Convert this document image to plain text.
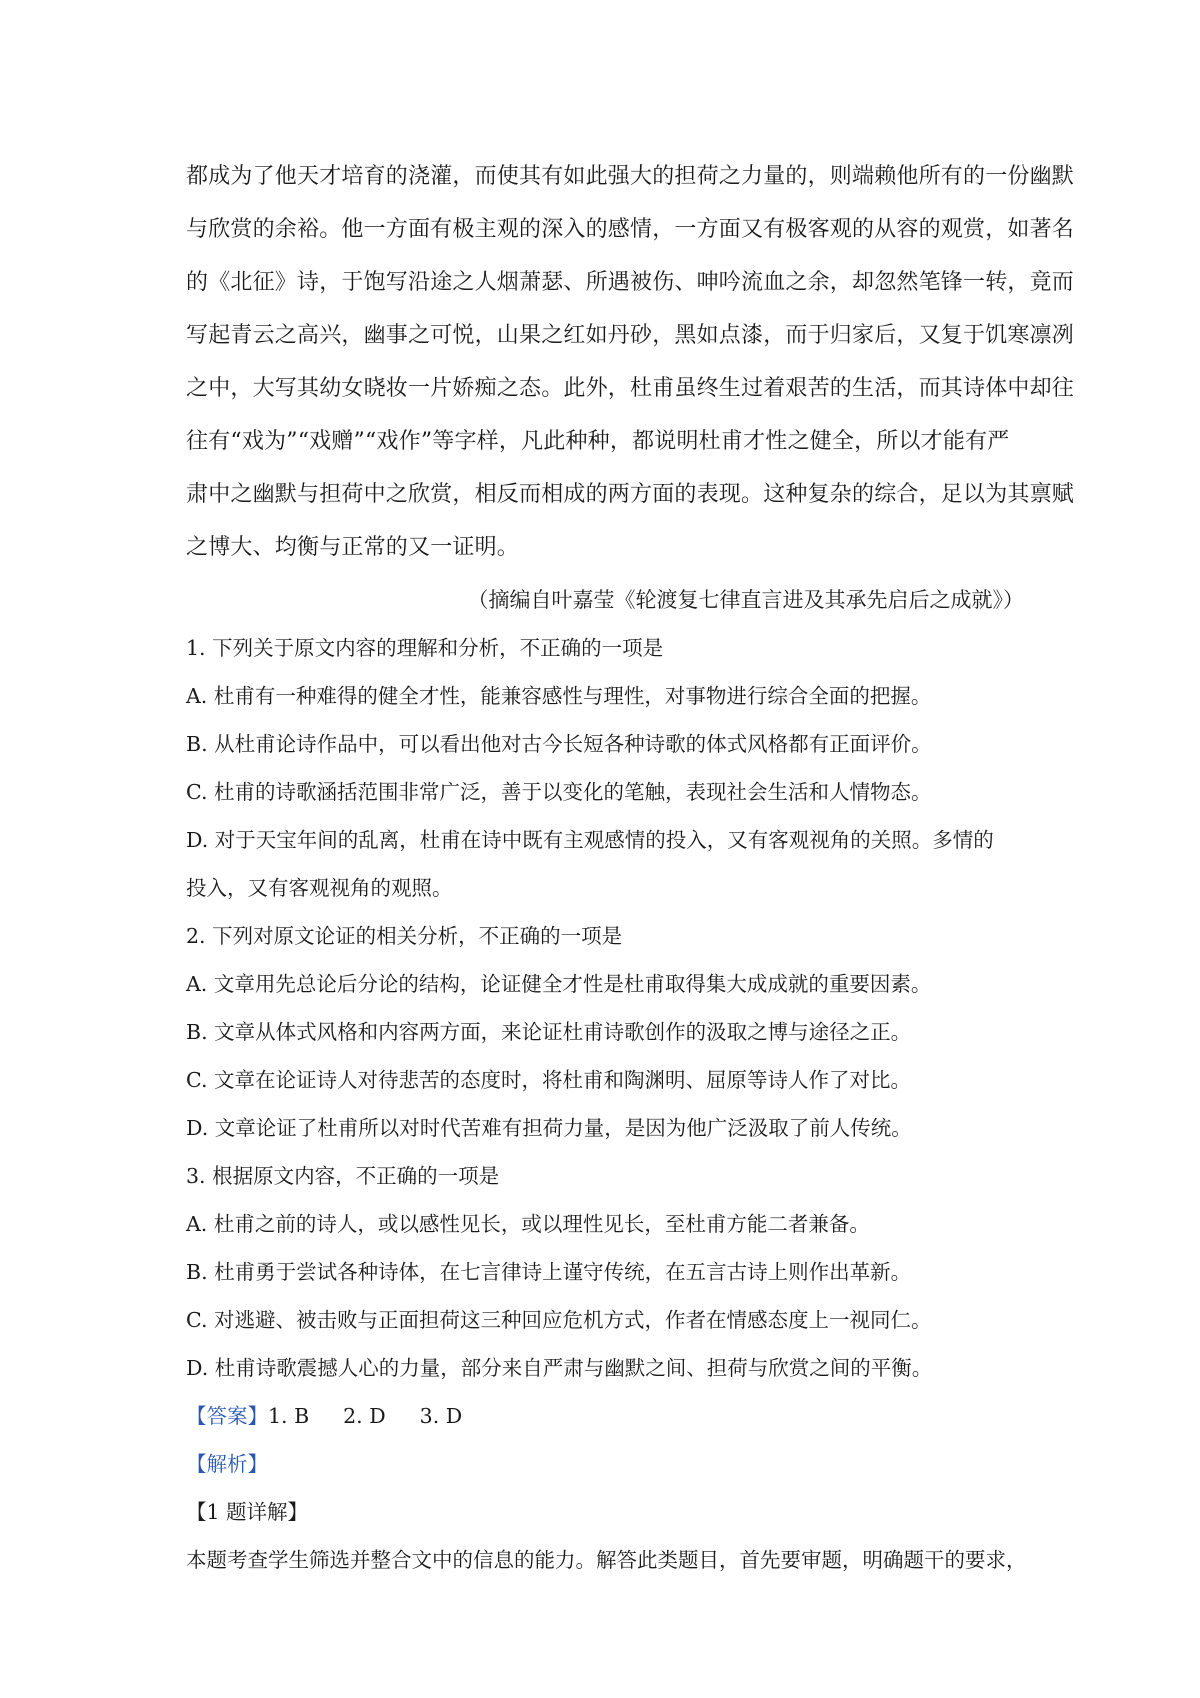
都成为了他天才培育的浇灌，而使其有如此强大的担荷之力量的，则端赖他所有的一份幽默
与欣赏的余裕。他一方面有极主观的深入的感情，一方面又有极客观的从容的观赏，如著名
的《北征》诗，于饱写沿途之人烟萧瑟、所遇被伤、呻吟流血之余，却忽然笔锋一转，竟而
写起青云之高兴，幽事之可悦，山果之红如丹砂，黑如点漆，而于归家后，又复于饥寒凛冽
之中，大写其幼女晓妆一片娇痴之态。此外，杜甫虽终生过着艰苦的生活，而其诗体中却往
往有“戏为”“戏赠”“戏作”等字样，凡此种种，都说明杜甫才性之健全，所以才能有严
肃中之幽默与担荷中之欣赏，相反而相成的两方面的表现。这种复杂的综合，足以为其禀赋
之博大、均衡与正常的又一证明。
（摘编自叶嘉莹《轮渡复七律直言进及其承先启后之成就》）
1. 下列关于原文内容的理解和分析，不正确的一项是
A. 杜甫有一种难得的健全才性，能兼容感性与理性，对事物进行综合全面的把握。
B. 从杜甫论诗作品中，可以看出他对古今长短各种诗歌的体式风格都有正面评价。
C. 杜甫的诗歌涵括范围非常广泛，善于以变化的笔触，表现社会生活和人情物态。
D. 对于天宝年间的乱离，杜甫在诗中既有主观感情的投入，又有客观视角的关照。多情的
投入，又有客观视角的观照。
2. 下列对原文论证的相关分析，不正确的一项是
A. 文章用先总论后分论的结构，论证健全才性是杜甫取得集大成成就的重要因素。
B. 文章从体式风格和内容两方面，来论证杜甫诗歌创作的汲取之博与途径之正。
C. 文章在论证诗人对待悲苦的态度时，将杜甫和陶渊明、屈原等诗人作了对比。
D. 文章论证了杜甫所以对时代苦难有担荷力量，是因为他广泛汲取了前人传统。
3. 根据原文内容，不正确的一项是
A. 杜甫之前的诗人，或以感性见长，或以理性见长，至杜甫方能二者兼备。
B. 杜甫勇于尝试各种诗体，在七言律诗上谨守传统，在五言古诗上则作出革新。
C. 对逃避、被击败与正面担荷这三种回应危机方式，作者在情感态度上一视同仁。
D. 杜甫诗歌震撼人心的力量，部分来自严肃与幽默之间、担荷与欣赏之间的平衡。
【答案】1. B 2. D 3. D
【解析】
【1 题详解】
本题考查学生筛选并整合文中的信息的能力。解答此类题目，首先要审题，明确题干的要求，
